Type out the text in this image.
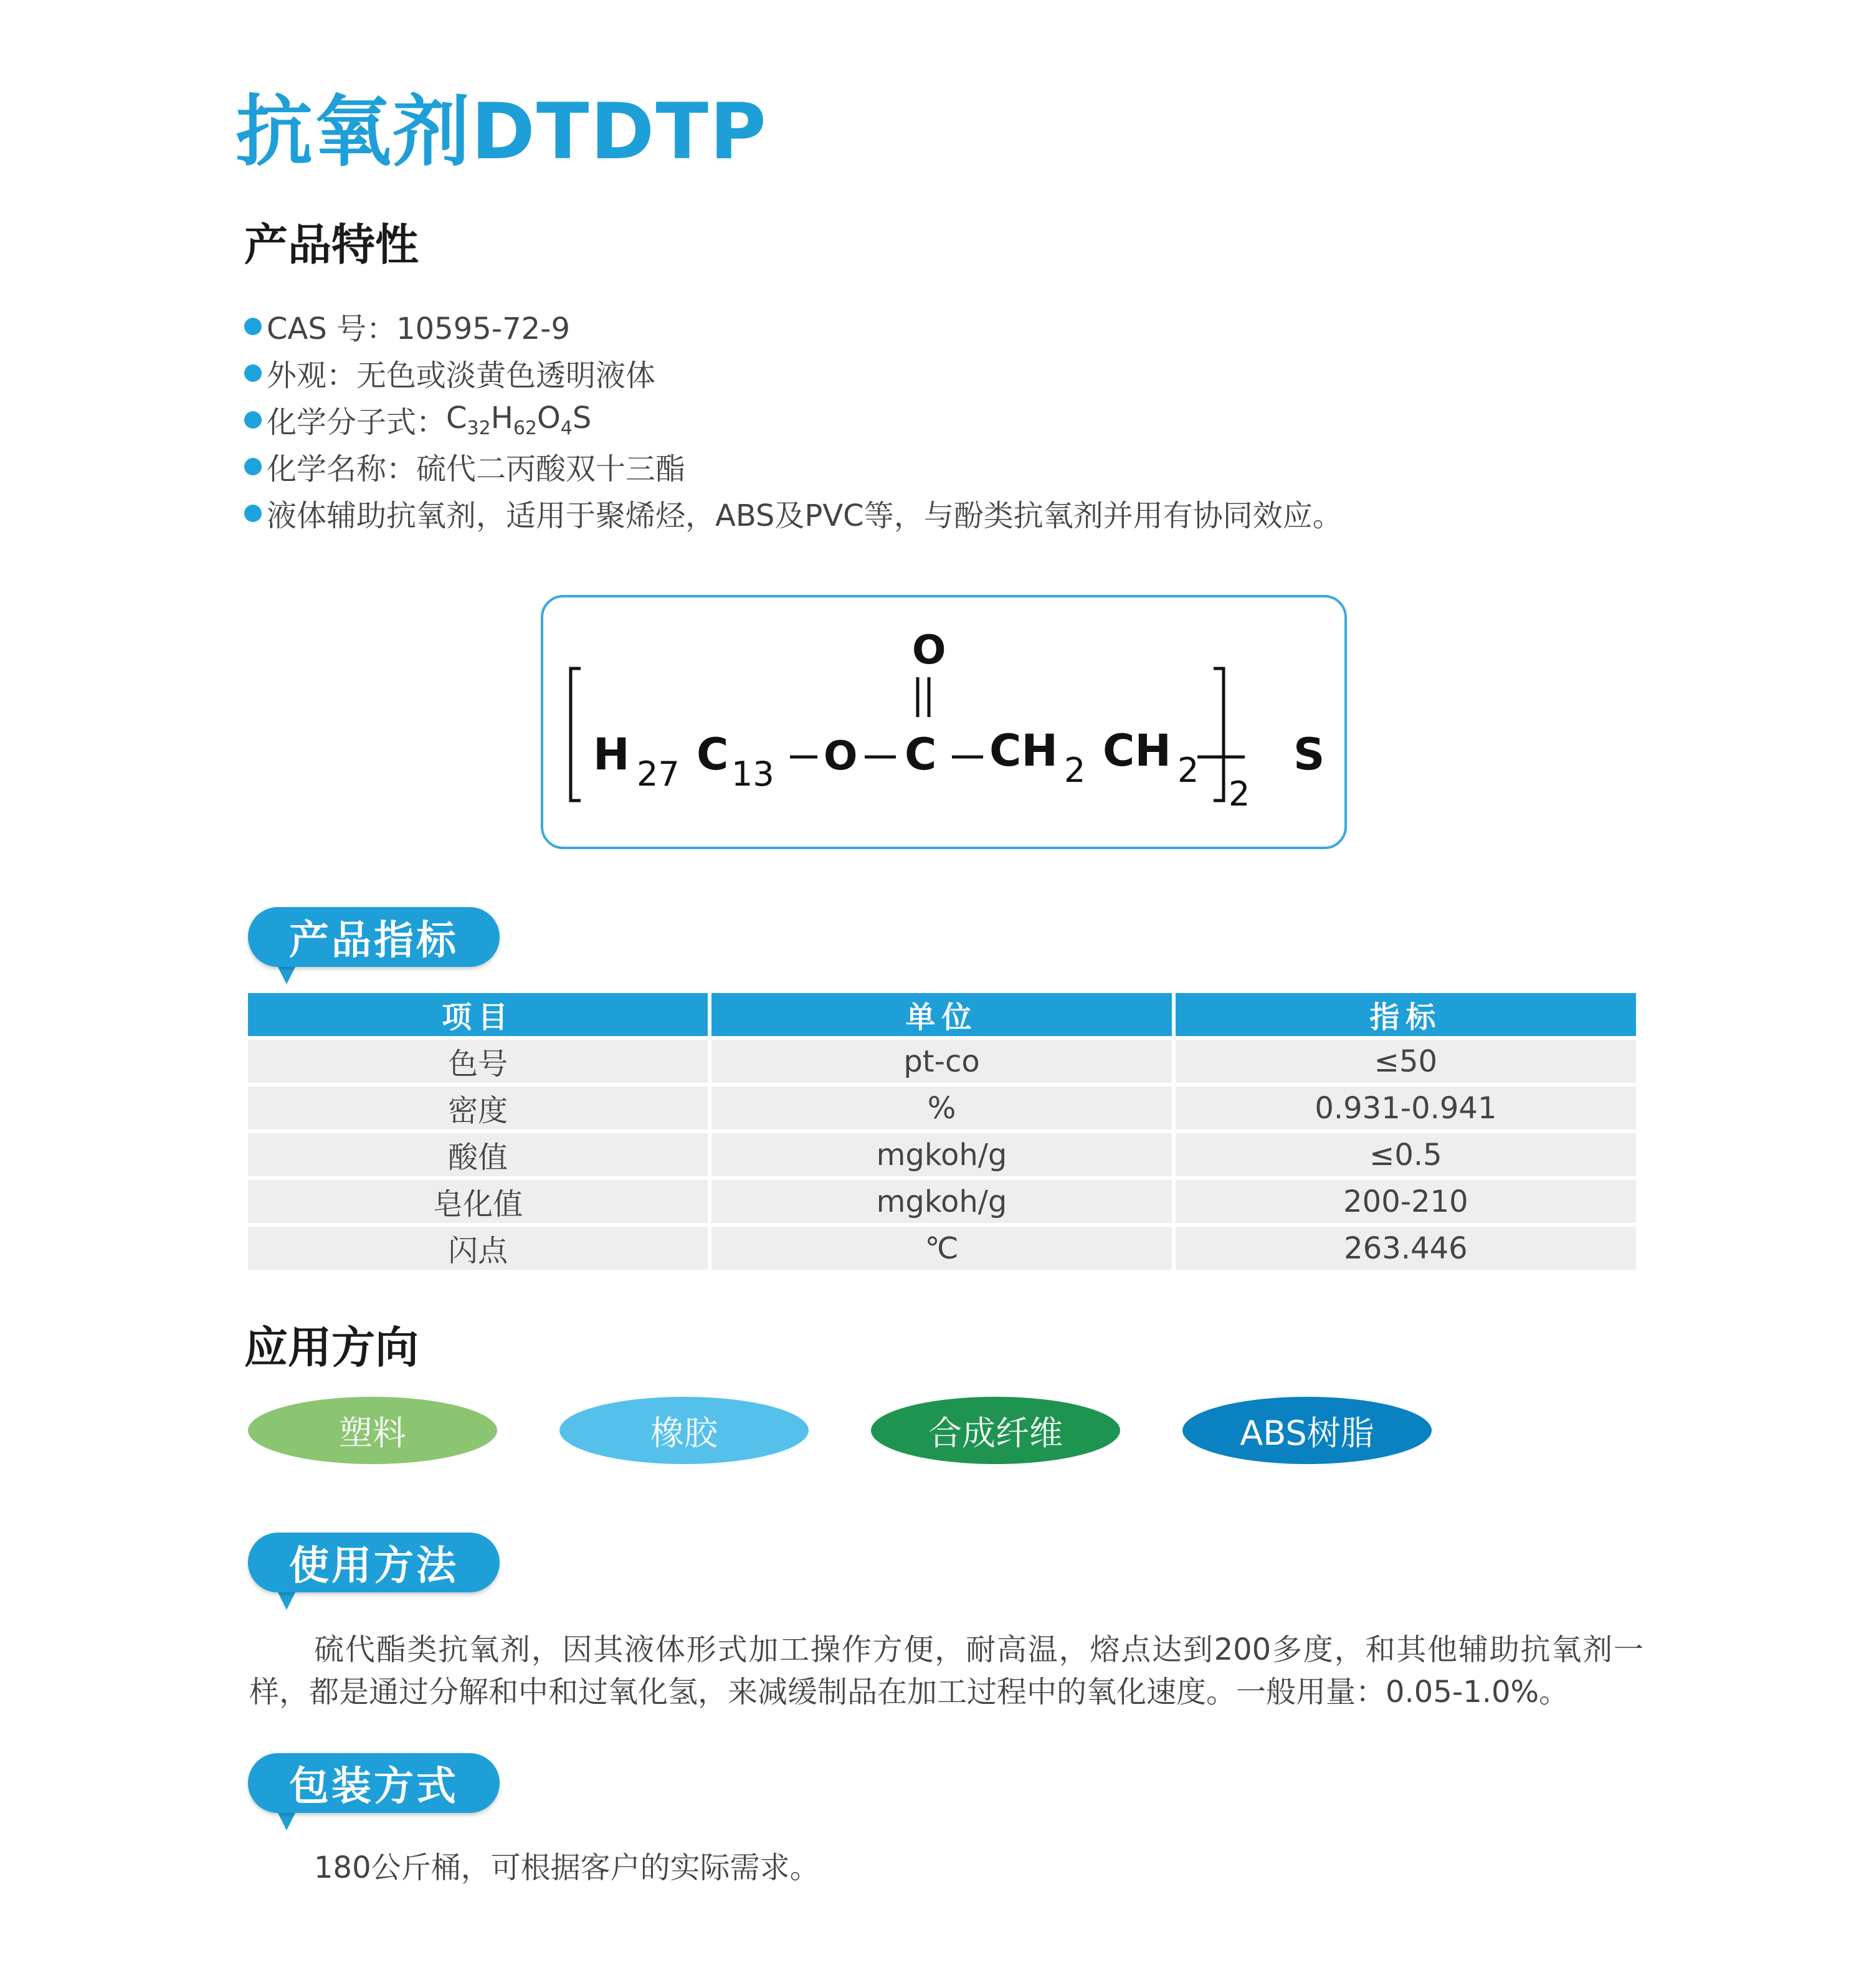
抗氧剂DTDTP
产品特性
CAS 号：10595-72-9
外观：无色或淡黄色透明液体
化学分子式： $C_{32}H_{62}O_4S$
化学名称：硫代二丙酸双十三酯
液体辅助抗氧剂，适用于聚烯烃，ABS及PVC等，与酚类抗氧剂并用有协同效应。
O
H 27 C 13 O C CH 2 CH 2
2
S
产品指标
项目	单位	指标
色号	pt-co	≤50
密度	%	0.931-0.941
酸值	mgkoh/g	≤0.5
皂化值	mgkoh/g	200-210
闪点	℃	263.446
应用方向
塑料	橡胶	合成纤维	ABS树脂
使用方法

硫代酯类抗氧剂，因其液体形式加工操作方便，耐高温，熔点达到200多度，和其他辅助抗氧剂一样，都是通过分解和中和过氧化氢，来减缓制品在加工过程中的氧化速度。一般用量：0.05-1.0%。

包装方式
180公斤桶，可根据客户的实际需求。
